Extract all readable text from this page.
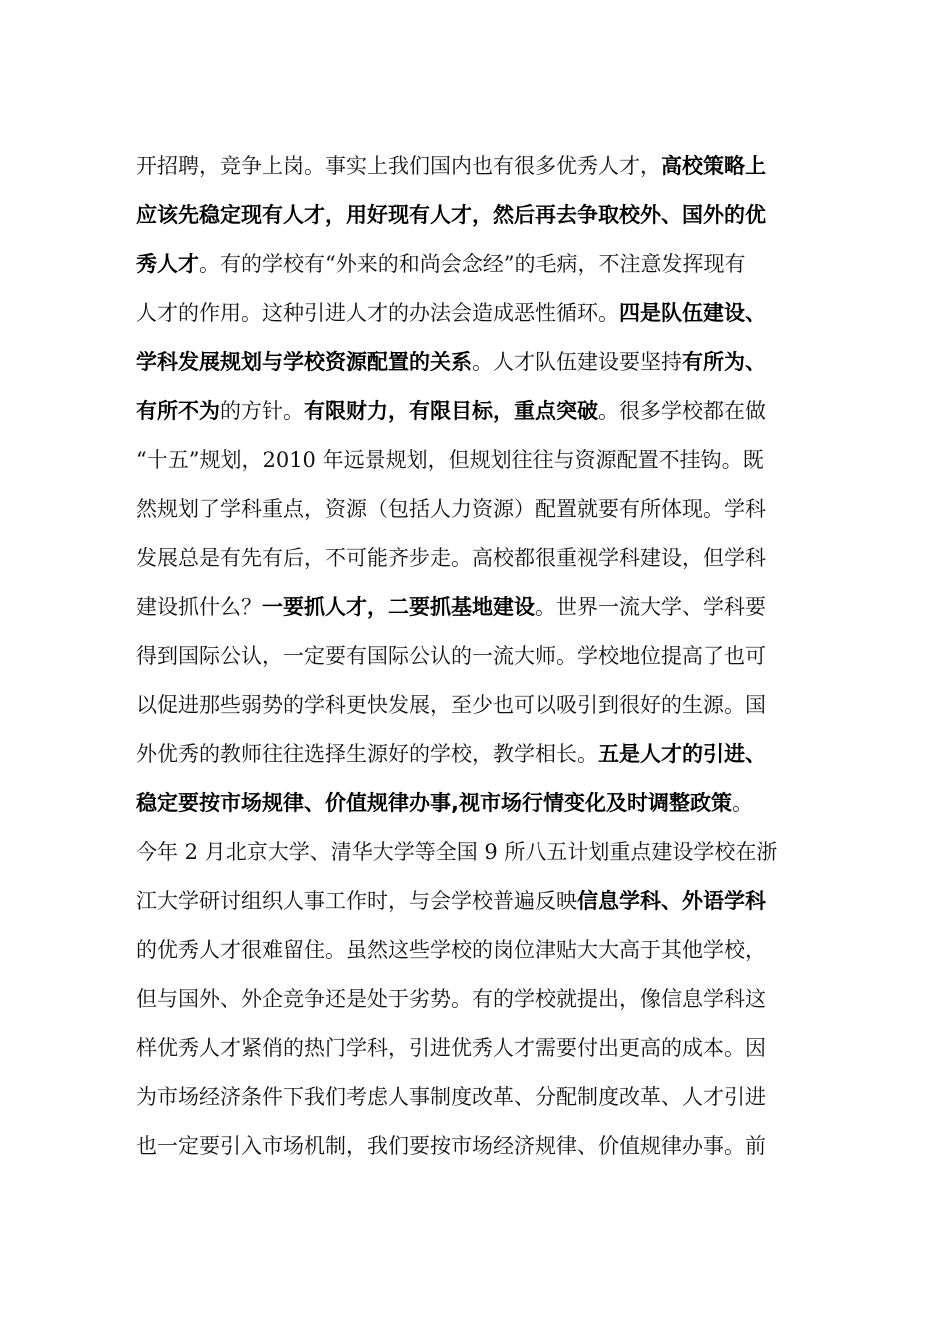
开招聘，竞争上岗。事实上我们国内也有很多优秀人才，高校策略上
应该先稳定现有人才，用好现有人才，然后再去争取校外、国外的优
秀人才。有的学校有“外来的和尚会念经”的毛病，不注意发挥现有
人才的作用。这种引进人才的办法会造成恶性循环。四是队伍建设、
学科发展规划与学校资源配置的关系。人才队伍建设要坚持有所为、
有所不为的方针。有限财力，有限目标，重点突破。很多学校都在做
“十五”规划，2010 年远景规划，但规划往往与资源配置不挂钩。既
然规划了学科重点，资源（包括人力资源）配置就要有所体现。学科
发展总是有先有后，不可能齐步走。高校都很重视学科建设，但学科
建设抓什么？一要抓人才，二要抓基地建设。世界一流大学、学科要
得到国际公认，一定要有国际公认的一流大师。学校地位提高了也可
以促进那些弱势的学科更快发展，至少也可以吸引到很好的生源。国
外优秀的教师往往选择生源好的学校，教学相长。五是人才的引进、
稳定要按市场规律、价值规律办事,视市场行情变化及时调整政策。
今年 2 月北京大学、清华大学等全国 9 所八五计划重点建设学校在浙
江大学研讨组织人事工作时，与会学校普遍反映信息学科、外语学科
的优秀人才很难留住。虽然这些学校的岗位津贴大大高于其他学校，
但与国外、外企竞争还是处于劣势。有的学校就提出，像信息学科这
样优秀人才紧俏的热门学科，引进优秀人才需要付出更高的成本。因
为市场经济条件下我们考虑人事制度改革、分配制度改革、人才引进
也一定要引入市场机制，我们要按市场经济规律、价值规律办事。前
